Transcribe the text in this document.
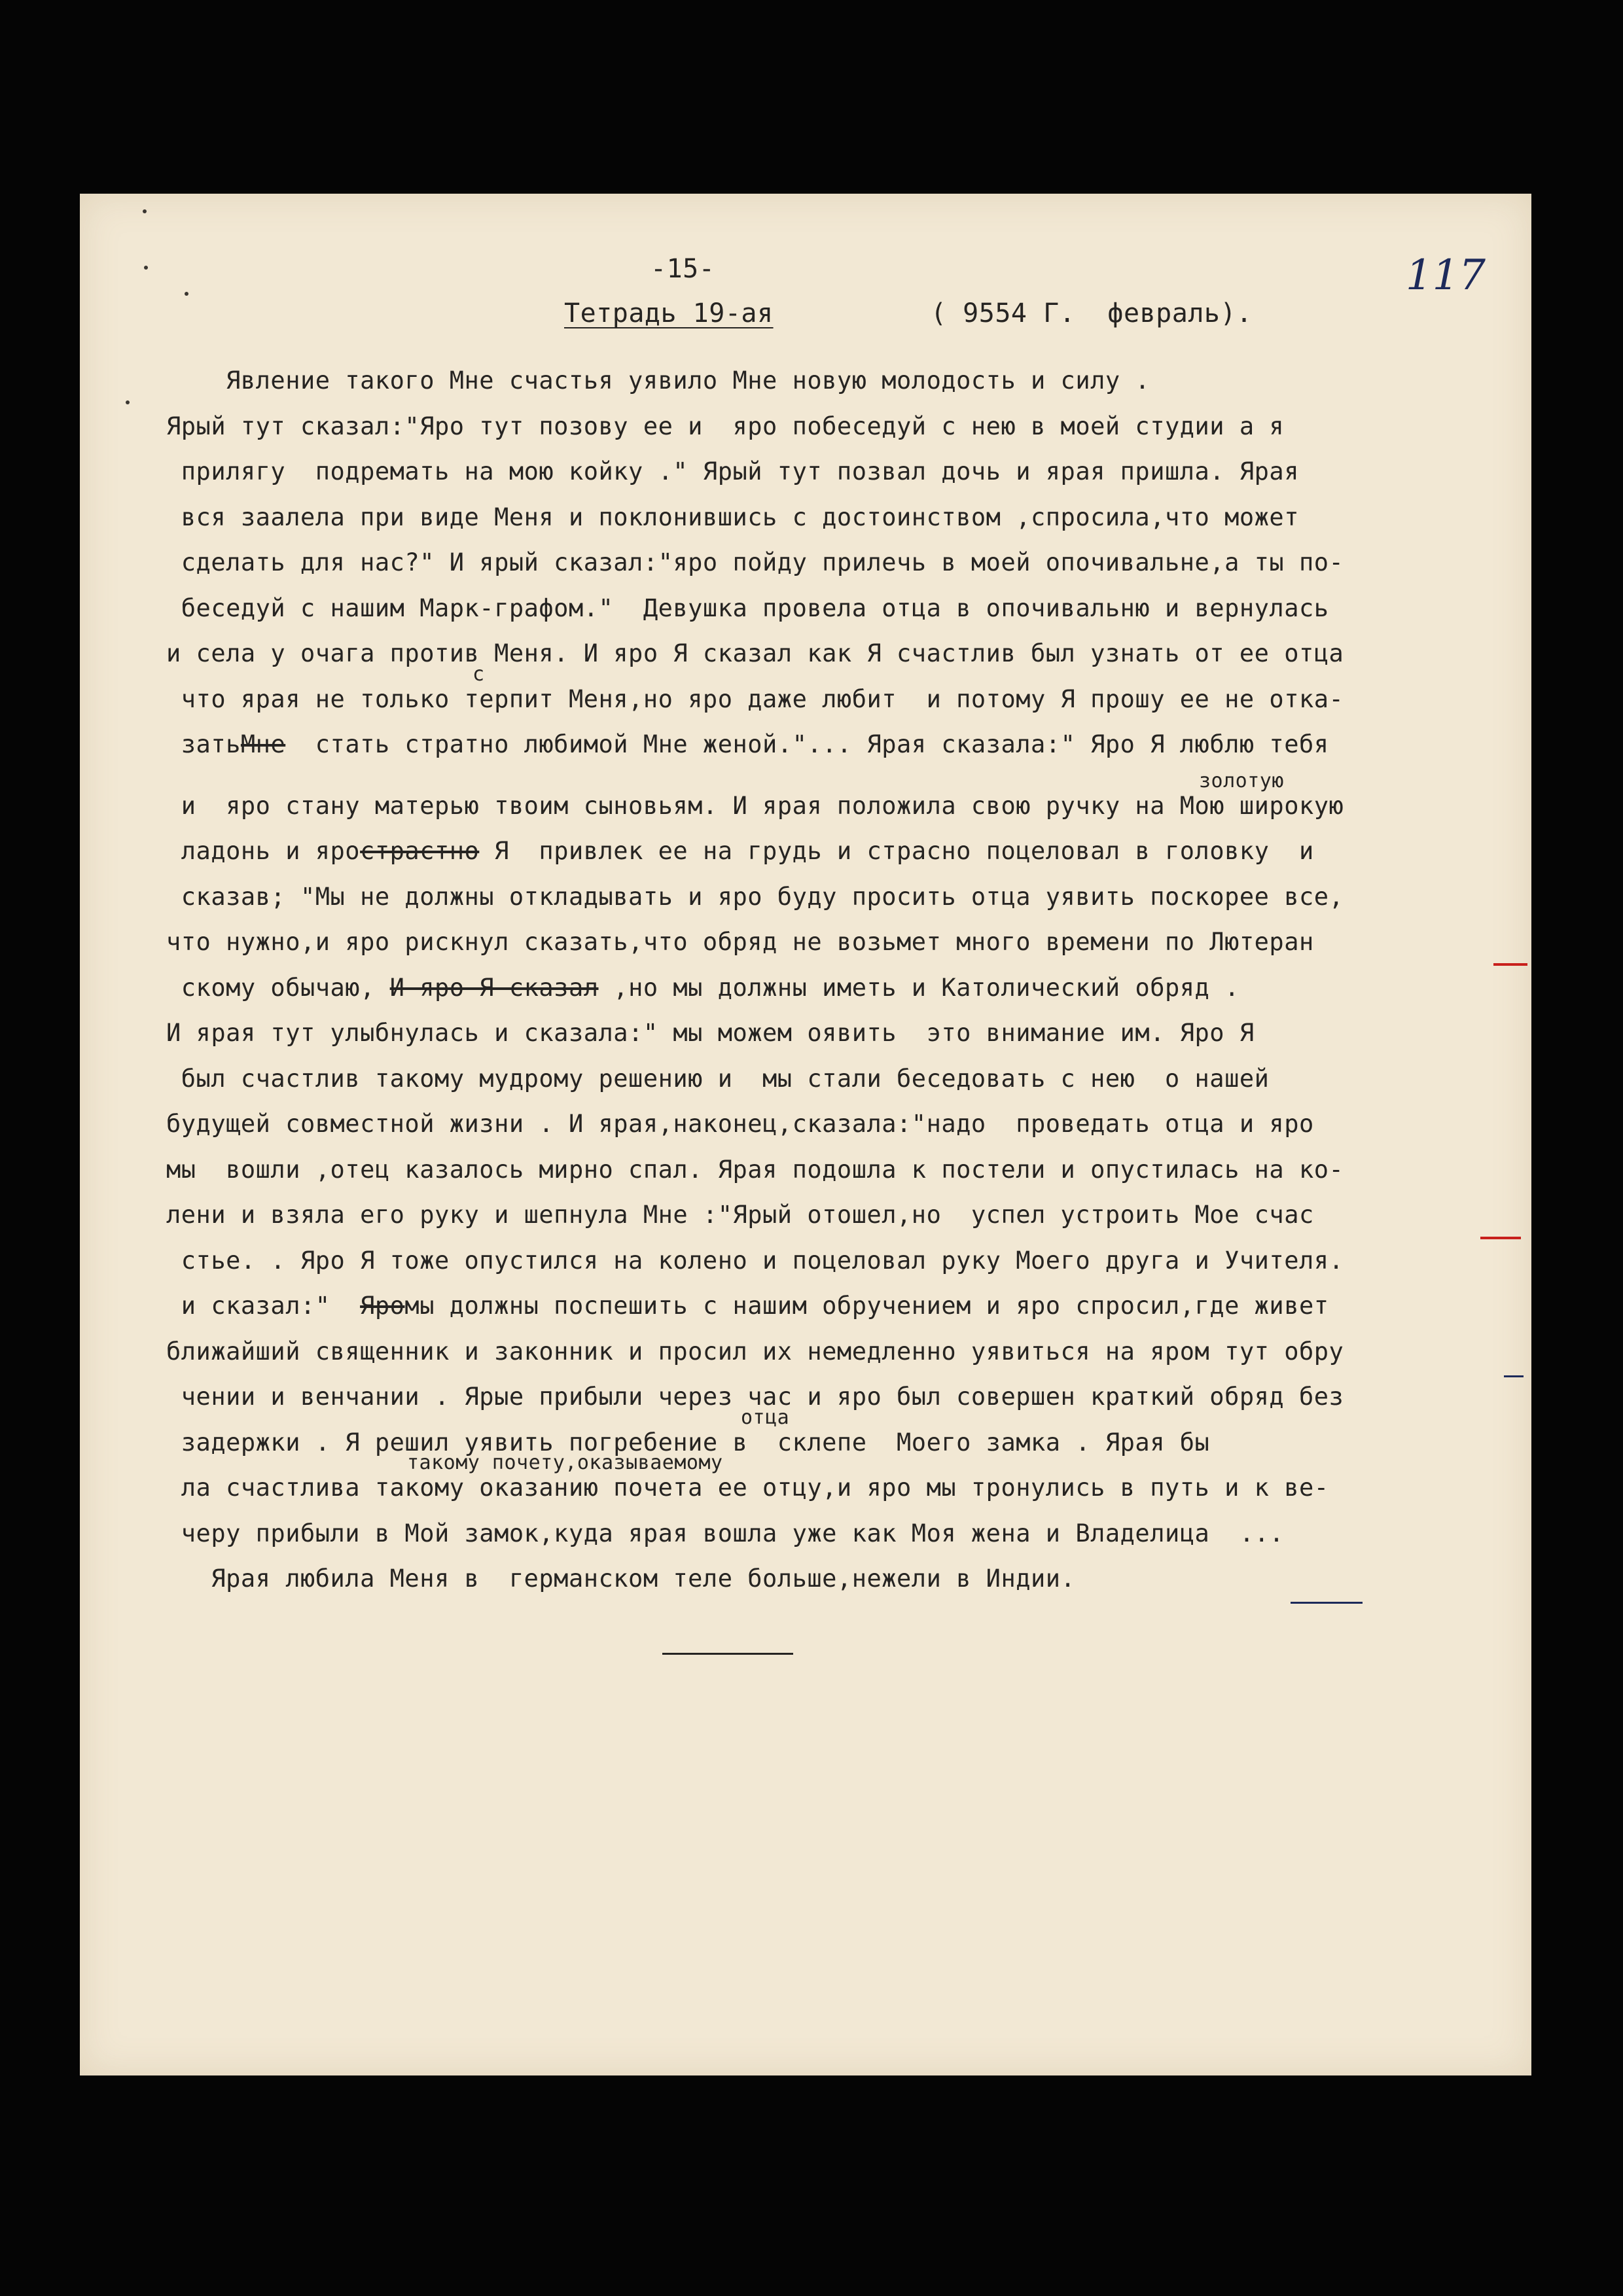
-15-
Тетрадь 19-ая	( 9554 Г.  февраль).
117
Явление такого Мне счастья уявило Мне новую молодость и силу .
Ярый тут сказал:"Яро тут позову ее и  яро побеседуй с нею в моей студии а я
прилягу  подремать на мою койку ." Ярый тут позвал дочь и ярая пришла. Ярая
вся заалела при виде Меня и поклонившись с достоинством ,спросила,что может
сделать для нас?" И ярый сказал:"яро пойду прилечь в моей опочивальне,а ты по-
беседуй с нашим Марк-графом."  Девушка провела отца в опочивальню и вернулась
и села у очага против Меня. И яро Я сказал как Я счастлив был узнать от ее отца
что ярая не только терпит Меня,но яро даже любит  и потому Я прошу ее не отка-
затьМне  стать стратно любимой Мне женой."... Ярая сказала:" Яро Я люблю тебя
и  яро стану матерью твоим сыновьям. И ярая положила свою ручку на Мою широкую
ладонь и ярострастно Я  привлек ее на грудь и страсно поцеловал в головку  и
сказав; "Мы не должны откладывать и яро буду просить отца уявить поскорее все,
что нужно,и яро рискнул сказать,что обряд не возьмет много времени по Лютеран
скому обычаю, И яро Я сказал ,но мы должны иметь и Католический обряд .
И ярая тут улыбнулась и сказала:" мы можем оявить  это внимание им. Яро Я
был счастлив такому мудрому решению и  мы стали беседовать с нею  о нашей
будущей совместной жизни . И ярая,наконец,сказала:"надо  проведать отца и яро
мы  вошли ,отец казалось мирно спал. Ярая подошла к постели и опустилась на ко-
лени и взяла его руку и шепнула Мне :"Ярый отошел,но  успел устроить Мое счас
стье. . Яро Я тоже опустился на колено и поцеловал руку Моего друга и Учителя.
и сказал:"  Яромы должны поспешить с нашим обручением и яро спросил,где живет
ближайший священник и законник и просил их немедленно уявиться на яром тут обру
чении и венчании . Ярые прибыли через час и яро был совершен краткий обряд без
задержки . Я решил уявить погребение в  склепе  Моего замка . Ярая бы
ла счастлива такому оказанию почета ее отцу,и яро мы тронулись в путь и к ве-
черу прибыли в Мой замок,куда ярая вошла уже как Моя жена и Владелица  ...
Ярая любила Меня в  германском теле больше,нежели в Индии.
с
золотую
отца
такому почету,оказываемому
